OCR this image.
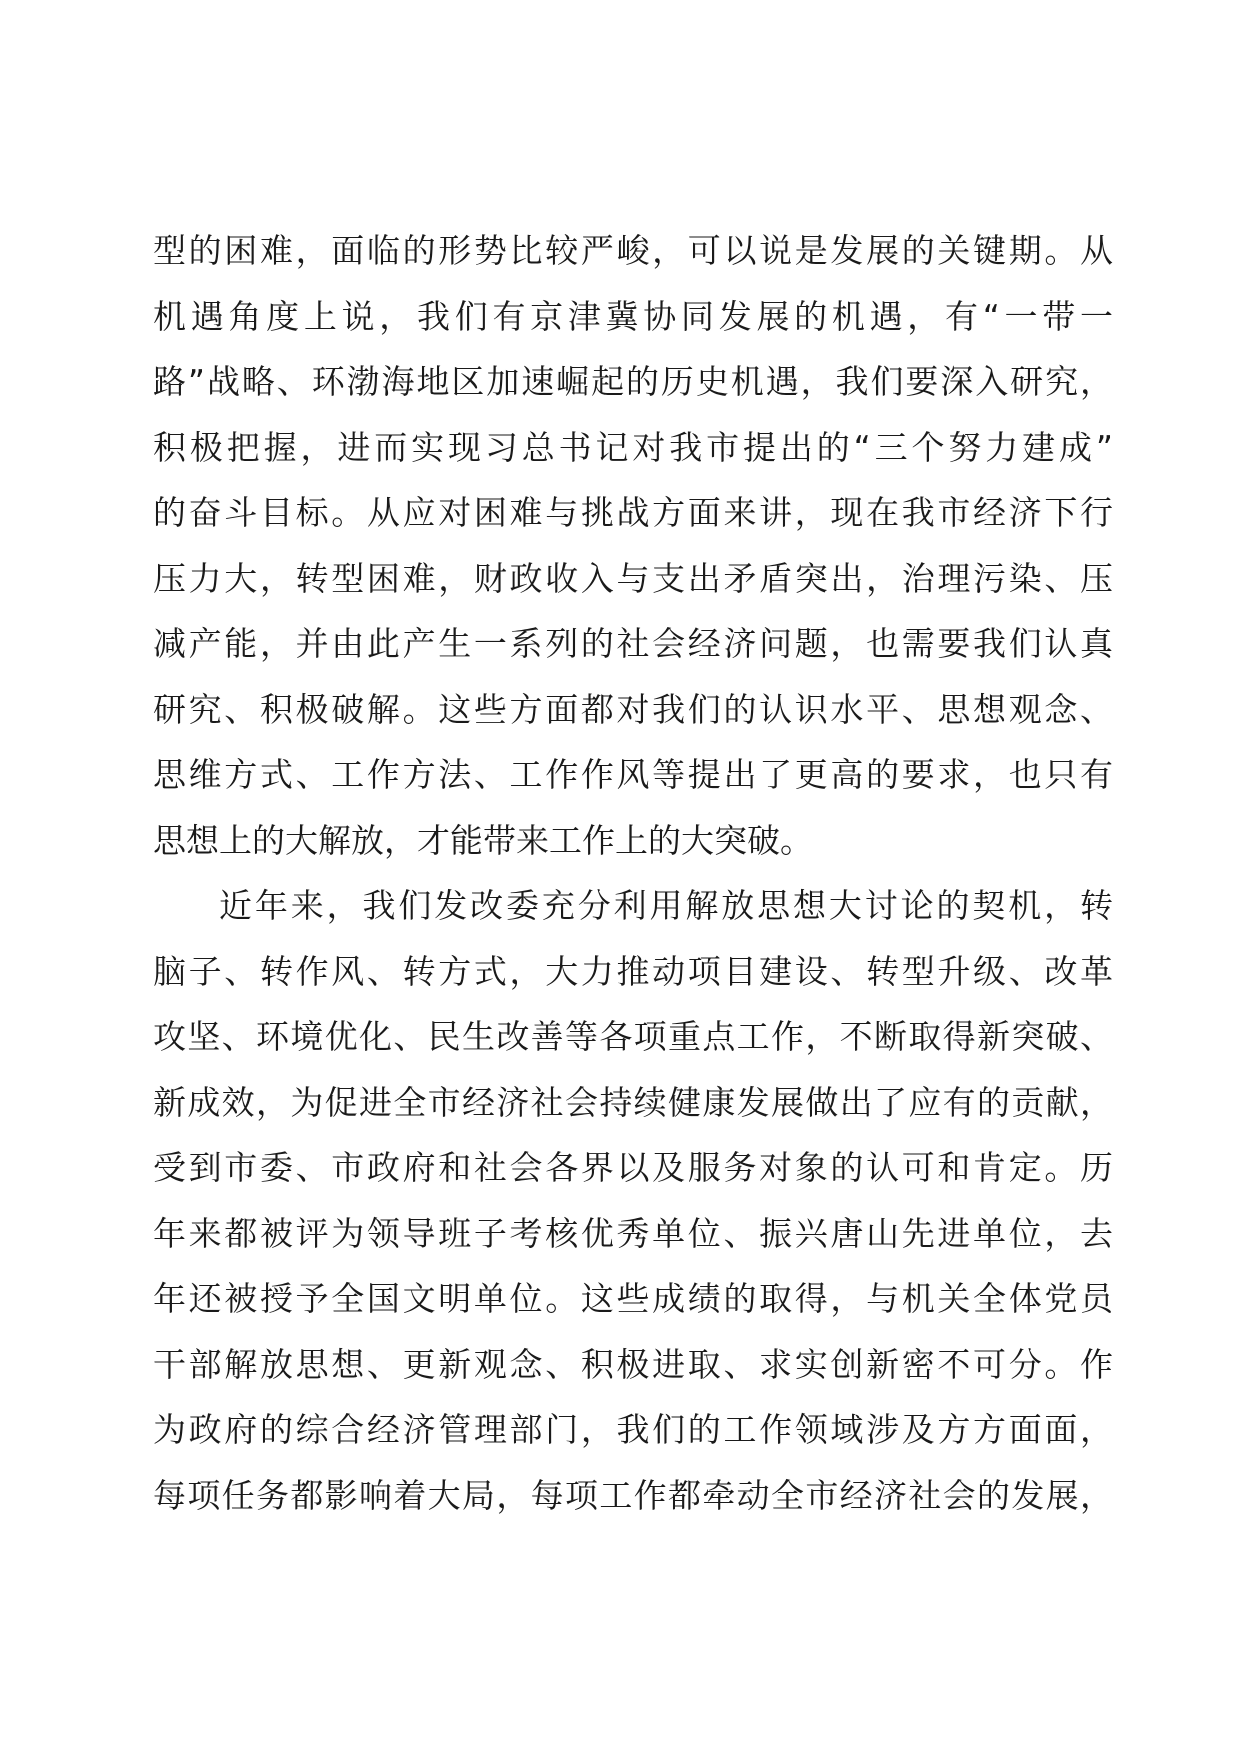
型的困难，面临的形势比较严峻，可以说是发展的关键期。从
机遇角度上说，我们有京津冀协同发展的机遇，有“一带一
路”战略、环渤海地区加速崛起的历史机遇，我们要深入研究，
积极把握，进而实现习总书记对我市提出的“三个努力建成”
的奋斗目标。从应对困难与挑战方面来讲，现在我市经济下行
压力大，转型困难，财政收入与支出矛盾突出，治理污染、压
减产能，并由此产生一系列的社会经济问题，也需要我们认真
研究、积极破解。这些方面都对我们的认识水平、思想观念、
思维方式、工作方法、工作作风等提出了更高的要求，也只有
思想上的大解放，才能带来工作上的大突破。
近年来，我们发改委充分利用解放思想大讨论的契机，转
脑子、转作风、转方式，大力推动项目建设、转型升级、改革
攻坚、环境优化、民生改善等各项重点工作，不断取得新突破、
新成效，为促进全市经济社会持续健康发展做出了应有的贡献，
受到市委、市政府和社会各界以及服务对象的认可和肯定。历
年来都被评为领导班子考核优秀单位、振兴唐山先进单位，去
年还被授予全国文明单位。这些成绩的取得，与机关全体党员
干部解放思想、更新观念、积极进取、求实创新密不可分。作
为政府的综合经济管理部门，我们的工作领域涉及方方面面，
每项任务都影响着大局，每项工作都牵动全市经济社会的发展，
